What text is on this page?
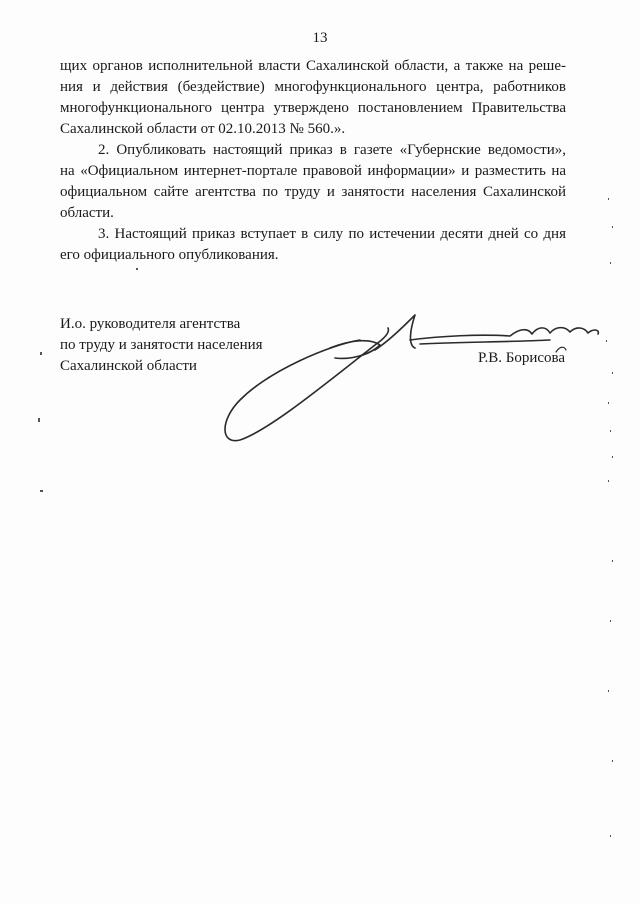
13
щих органов исполнительной власти Сахалинской области, а также на реше-
ния и действия (бездействие) многофункционального центра, работников
многофункционального центра утверждено постановлением Правительства
Сахалинской области от 02.10.2013 № 560.».
2. Опубликовать настоящий приказ в газете «Губернские ведомости»,
на «Официальном интернет-портале правовой информации» и разместить на
официальном сайте агентства по труду и занятости населения Сахалинской
области.
3. Настоящий приказ вступает в силу по истечении десяти дней со дня
его официального опубликования.
И.о. руководителя агентства
по труду и занятости населения
Сахалинской области	Р.В. Борисова
